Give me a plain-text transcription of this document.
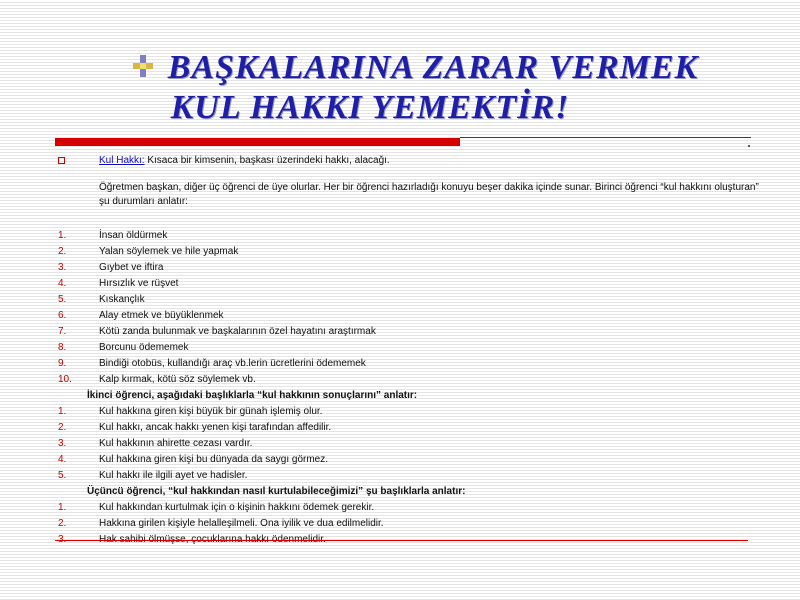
BAŞKALARINA ZARAR VERMEK
KUL HAKKI YEMEKTİR!
Kul Hakkı: Kısaca bir kimsenin, başkası üzerindeki hakkı, alacağı.
Öğretmen başkan, diğer üç öğrenci de üye olurlar. Her bir öğrenci hazırladığı konuyu beşer dakika içinde sunar. Birinci öğrenci “kul hakkını oluşturan” şu durumları anlatır:
1.	İnsan öldürmek
2.	Yalan söylemek ve hile yapmak
3.	Gıybet ve iftira
4.	Hırsızlık ve rüşvet
5.	Kıskançlık
6.	Alay etmek ve büyüklenmek
7.	Kötü zanda bulunmak ve başkalarının özel hayatını araştırmak
8.	Borcunu ödememek
9.	Bindiği otobüs, kullandığı araç vb.lerin ücretlerini ödememek
10.	Kalp kırmak, kötü söz söylemek vb.
İkinci öğrenci, aşağıdaki başlıklarla “kul hakkının sonuçlarını” anlatır:
1.	Kul hakkına giren kişi büyük bir günah işlemiş olur.
2.	Kul hakkı, ancak hakkı yenen kişi tarafından affedilir.
3.	Kul hakkının ahirette cezası vardır.
4.	Kul hakkına giren kişi bu dünyada da saygı görmez.
5.	Kul hakkı ile ilgili ayet ve hadisler.
Üçüncü öğrenci, “kul hakkından nasıl kurtulabileceğimizi” şu başlıklarla anlatır:
1.	Kul hakkından kurtulmak için o kişinin hakkını ödemek gerekir.
2.	Hakkına girilen kişiyle helalleşilmeli. Ona iyilik ve dua edilmelidir.
